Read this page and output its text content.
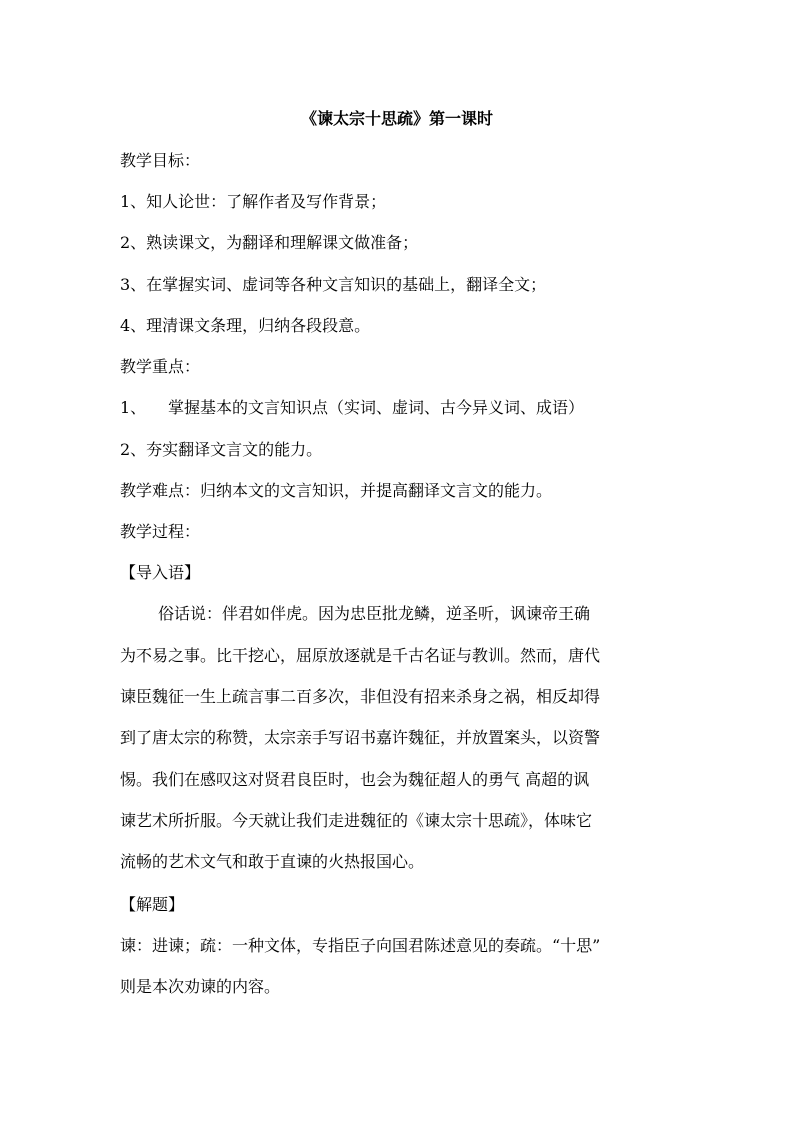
《谏太宗十思疏》第一课时
教学目标：
1、知人论世：了解作者及写作背景；
2、熟读课文，为翻译和理解课文做准备；
3、在掌握实词、虚词等各种文言知识的基础上，翻译全文；
4、理清课文条理，归纳各段段意。
教学重点：
1、 掌握基本的文言知识点（实词、虚词、古今异义词、成语）
2、夯实翻译文言文的能力。
教学难点：归纳本文的文言知识，并提高翻译文言文的能力。
教学过程：
【导入语】
俗话说：伴君如伴虎。因为忠臣批龙鳞，逆圣听，讽谏帝王确
为不易之事。比干挖心，屈原放逐就是千古名证与教训。然而，唐代
谏臣魏征一生上疏言事二百多次，非但没有招来杀身之祸，相反却得
到了唐太宗的称赞，太宗亲手写诏书嘉许魏征，并放置案头，以资警
惕。我们在感叹这对贤君良臣时，也会为魏征超人的勇气 高超的讽
谏艺术所折服。今天就让我们走进魏征的《谏太宗十思疏》，体味它
流畅的艺术文气和敢于直谏的火热报国心。
【解题】
谏：进谏；疏：一种文体，专指臣子向国君陈述意见的奏疏。“十思”
则是本次劝谏的内容。
